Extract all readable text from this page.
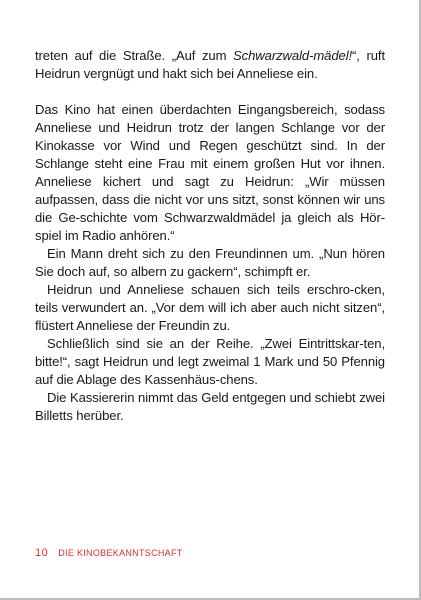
treten auf die Straße. „Auf zum Schwarzwald-mädel!“, ruft Heidrun vergnügt und hakt sich bei Anneliese ein.

Das Kino hat einen überdachten Eingangsbereich, sodass Anneliese und Heidrun trotz der langen Schlange vor der Kinokasse vor Wind und Regen geschützt sind. In der Schlange steht eine Frau mit einem großen Hut vor ihnen. Anneliese kichert und sagt zu Heidrun: „Wir müssen aufpassen, dass die nicht vor uns sitzt, sonst können wir uns die Ge-schichte vom Schwarzwaldmädel ja gleich als Hör-spiel im Radio anhören.“

Ein Mann dreht sich zu den Freundinnen um. „Nun hören Sie doch auf, so albern zu gackern“, schimpft er.

Heidrun und Anneliese schauen sich teils erschro-cken, teils verwundert an. „Vor dem will ich aber auch nicht sitzen“, flüstert Anneliese der Freundin zu.

Schließlich sind sie an der Reihe. „Zwei Eintrittskar-ten, bitte!“, sagt Heidrun und legt zweimal 1 Mark und 50 Pfennig auf die Ablage des Kassenhäus-chens.

Die Kassiererin nimmt das Geld entgegen und schiebt zwei Billetts herüber.

10 DIE KINOBEKANNTSCHAFT
